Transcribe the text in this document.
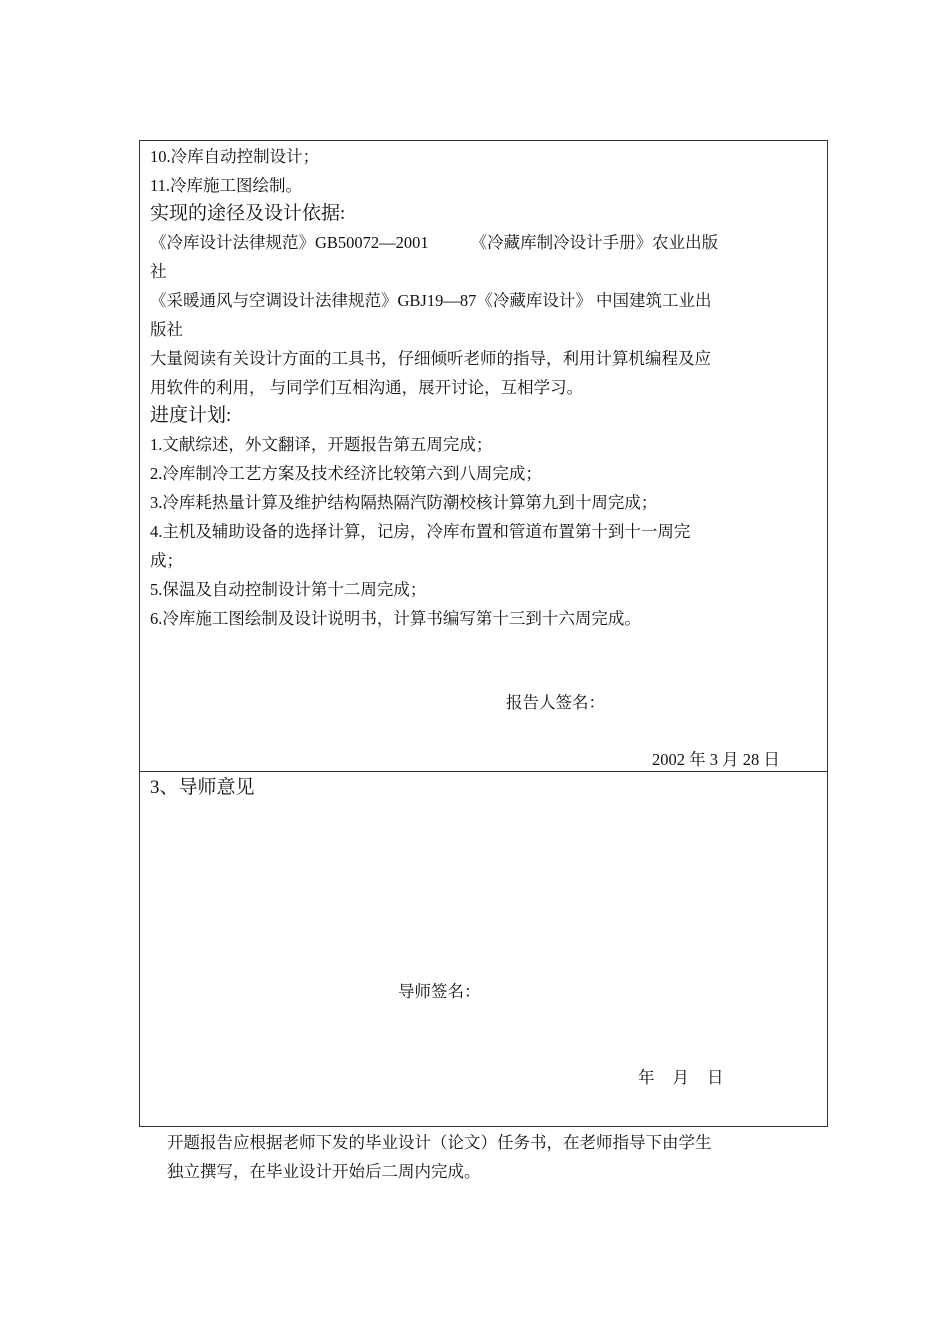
10.冷库自动控制设计；
11.冷库施工图绘制。
实现的途径及设计依据:
《冷库设计法律规范》GB50072—2001	《冷藏库制冷设计手册》农业出版
社
《采暖通风与空调设计法律规范》GBJ19—87《冷藏库设计》 中国建筑工业出
版社
大量阅读有关设计方面的工具书，仔细倾听老师的指导，利用计算机编程及应
用软件的利用， 与同学们互相沟通，展开讨论，互相学习。
进度计划:
1.文献综述，外文翻译，开题报告第五周完成；
2.冷库制冷工艺方案及技术经济比较第六到八周完成；
3.冷库耗热量计算及维护结构隔热隔汽防潮校核计算第九到十周完成；
4.主机及辅助设备的选择计算，记房，冷库布置和管道布置第十到十一周完
成；
5.保温及自动控制设计第十二周完成；
6.冷库施工图绘制及设计说明书，计算书编写第十三到十六周完成。
报告人签名：
2002 年 3 月 28 日
3、导师意见
导师签名：
年 月 日
开题报告应根据老师下发的毕业设计（论文）任务书，在老师指导下由学生
独立撰写，在毕业设计开始后二周内完成。
